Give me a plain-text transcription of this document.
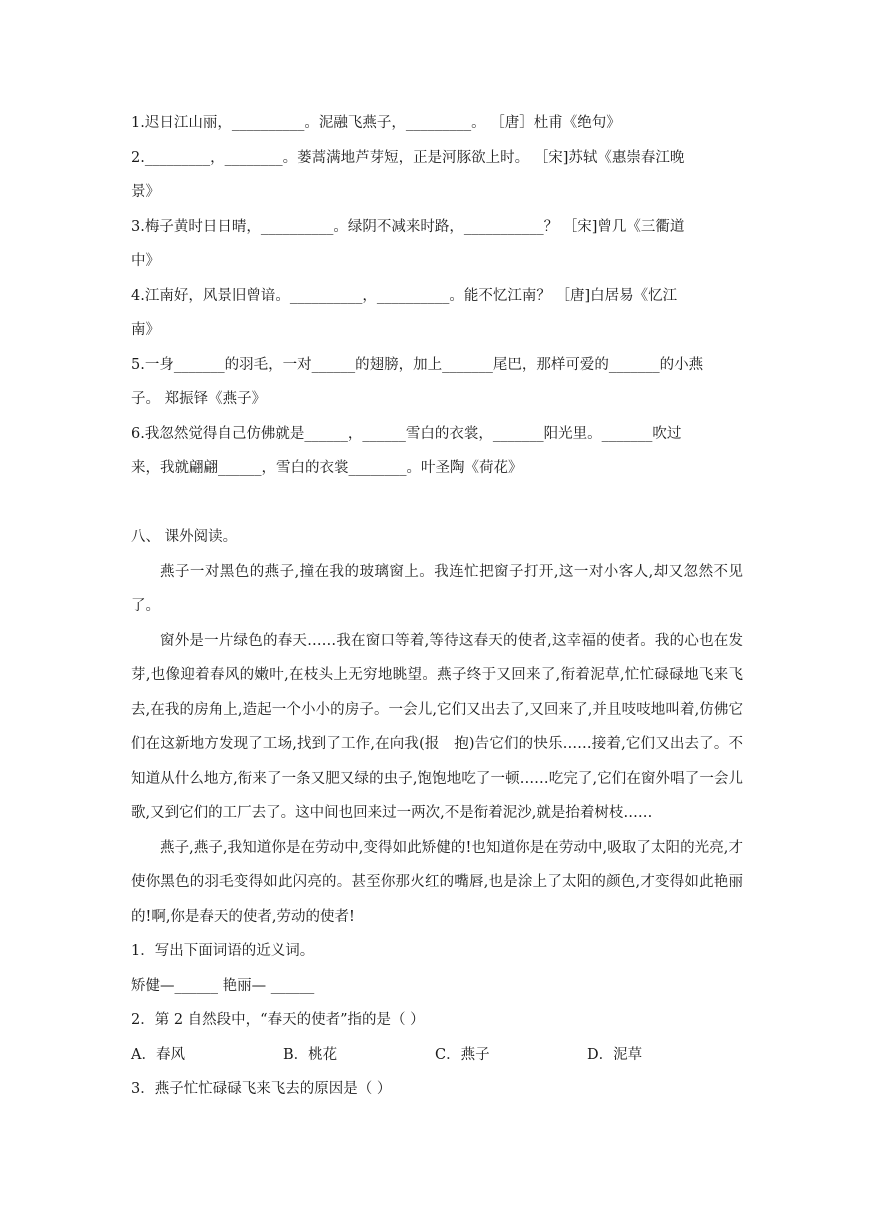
1.迟日江山丽，__________。泥融飞燕子，_________。 ［唐］杜甫《绝句》
2._________，________。蒌蒿满地芦芽短，正是河豚欲上时。 ［宋]苏轼《惠崇春江晚
景》
3.梅子黄时日日晴，__________。绿阴不减来时路，___________？ ［宋]曾几《三衢道
中》
4.江南好，风景旧曾谙。__________，__________。能不忆江南？ ［唐]白居易《忆江
南》
5.一身_______的羽毛，一对______的翅膀，加上_______尾巴，那样可爱的_______的小燕
子。 郑振铎《燕子》
6.我忽然觉得自己仿佛就是______，______雪白的衣裳，_______阳光里。_______吹过
来，我就翩翩______，雪白的衣裳________。叶圣陶《荷花》
八、 课外阅读。

燕子一对黑色的燕子,撞在我的玻璃窗上。我连忙把窗子打开,这一对小客人,却又忽然不见了。

窗外是一片绿色的春天……我在窗口等着,等待这春天的使者,这幸福的使者。我的心也在发芽,也像迎着春风的嫩叶,在枝头上无穷地眺望。燕子终于又回来了,衔着泥草,忙忙碌碌地飞来飞去,在我的房角上,造起一个小小的房子。一会儿,它们又出去了,又回来了,并且吱吱地叫着,仿佛它们在这新地方发现了工场,找到了工作,在向我(报　抱)告它们的快乐……接着,它们又出去了。不知道从什么地方,衔来了一条又肥又绿的虫子,饱饱地吃了一顿……吃完了,它们在窗外唱了一会儿歌,又到它们的工厂去了。这中间也回来过一两次,不是衔着泥沙,就是抬着树枝……

燕子,燕子,我知道你是在劳动中,变得如此矫健的!也知道你是在劳动中,吸取了太阳的光亮,才使你黑色的羽毛变得如此闪亮的。甚至你那火红的嘴唇,也是涂上了太阳的颜色,才变得如此艳丽的!啊,你是春天的使者,劳动的使者!

1．写出下面词语的近义词。
矫健—______ 艳丽— ______
2．第 2 自然段中，“春天的使者”指的是（ ）
A．春风	B．桃花	C．燕子	D．泥草
3．燕子忙忙碌碌飞来飞去的原因是（ ）
